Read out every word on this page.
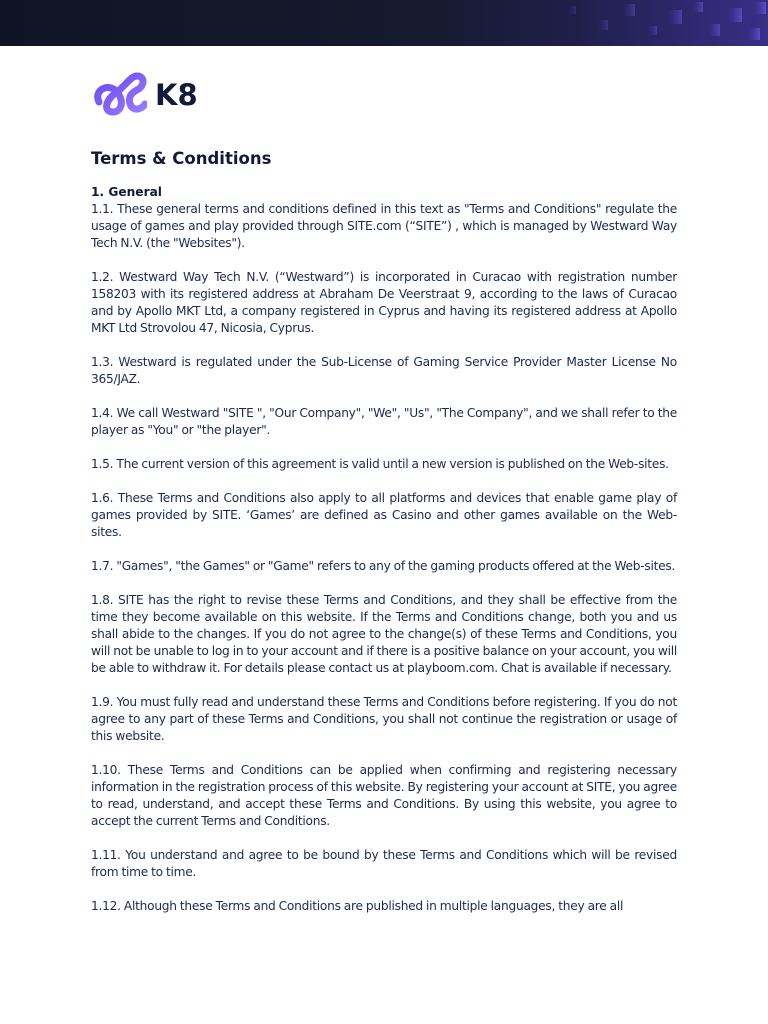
K8
Terms & Conditions
1. General

1.1. These general terms and conditions defined in this text as "Terms and Conditions" regulate the usage of games and play provided through SITE.com (“SITE”) , which is managed by Westward Way Tech N.V. (the "Websites").

1.2. Westward Way Tech N.V. (“Westward”) is incorporated in Curacao with registration number 158203 with its registered address at Abraham De Veerstraat 9, according to the laws of Curacao and by Apollo MKT Ltd, a company registered in Cyprus and having its registered address at Apollo MKT Ltd Strovolou 47, Nicosia, Cyprus.

1.3. Westward is regulated under the Sub-License of Gaming Service Provider Master License No 365/JAZ.

1.4. We call Westward "SITE ", "Our Company", "We", "Us", "The Company", and we shall refer to the player as "You" or "the player".

1.5. The current version of this agreement is valid until a new version is published on the Web-sites.

1.6. These Terms and Conditions also apply to all platforms and devices that enable game play of games provided by SITE. ‘Games’ are defined as Casino and other games available on the Web-sites.

1.7. "Games", "the Games" or "Game" refers to any of the gaming products offered at the Web-sites.

1.8. SITE has the right to revise these Terms and Conditions, and they shall be effective from the time they become available on this website. If the Terms and Conditions change, both you and us shall abide to the changes. If you do not agree to the change(s) of these Terms and Conditions, you will not be unable to log in to your account and if there is a positive balance on your account, you will be able to withdraw it. For details please contact us at playboom.com. Chat is available if necessary.

1.9. You must fully read and understand these Terms and Conditions before registering. If you do not agree to any part of these Terms and Conditions, you shall not continue the registration or usage of this website.

1.10. These Terms and Conditions can be applied when confirming and registering necessary information in the registration process of this website. By registering your account at SITE, you agree to read, understand, and accept these Terms and Conditions. By using this website, you agree to accept the current Terms and Conditions.

1.11. You understand and agree to be bound by these Terms and Conditions which will be revised from time to time.

1.12. Although these Terms and Conditions are published in multiple languages, they are all
